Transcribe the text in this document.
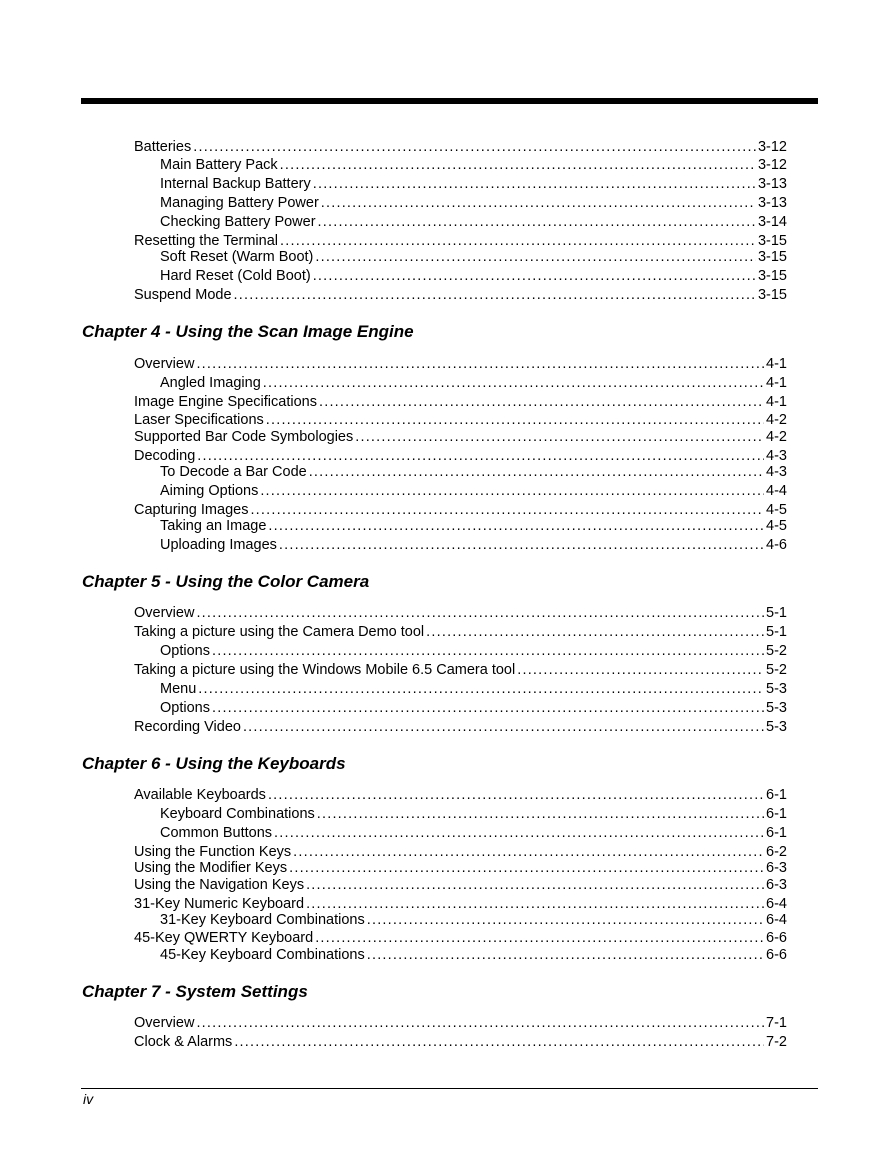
Batteries .....	3-12
Main Battery Pack .....	3-12
Internal Backup Battery .....	3-13
Managing Battery Power .....	3-13
Checking Battery Power .....	3-14
Resetting the Terminal .....	3-15
Soft Reset (Warm Boot) .....	3-15
Hard Reset (Cold Boot) .....	3-15
Suspend Mode .....	3-15
Chapter 4 - Using the Scan Image Engine
Overview .....	4-1
Angled Imaging .....	4-1
Image Engine Specifications .....	4-1
Laser Specifications .....	4-2
Supported Bar Code Symbologies .....	4-2
Decoding .....	4-3
To Decode a Bar Code .....	4-3
Aiming Options .....	4-4
Capturing Images .....	4-5
Taking an Image .....	4-5
Uploading Images .....	4-6
Chapter 5 - Using the Color Camera
Overview .....	5-1
Taking a picture using the Camera Demo tool .....	5-1
Options .....	5-2
Taking a picture using the Windows Mobile 6.5 Camera tool .....	5-2
Menu .....	5-3
Options .....	5-3
Recording Video .....	5-3
Chapter 6 - Using the Keyboards
Available Keyboards .....	6-1
Keyboard Combinations .....	6-1
Common Buttons .....	6-1
Using the Function Keys .....	6-2
Using the Modifier Keys .....	6-3
Using the Navigation Keys .....	6-3
31-Key Numeric Keyboard .....	6-4
31-Key Keyboard Combinations .....	6-4
45-Key QWERTY Keyboard .....	6-6
45-Key Keyboard Combinations .....	6-6
Chapter 7 - System Settings
Overview .....	7-1
Clock & Alarms .....	7-2
iv
